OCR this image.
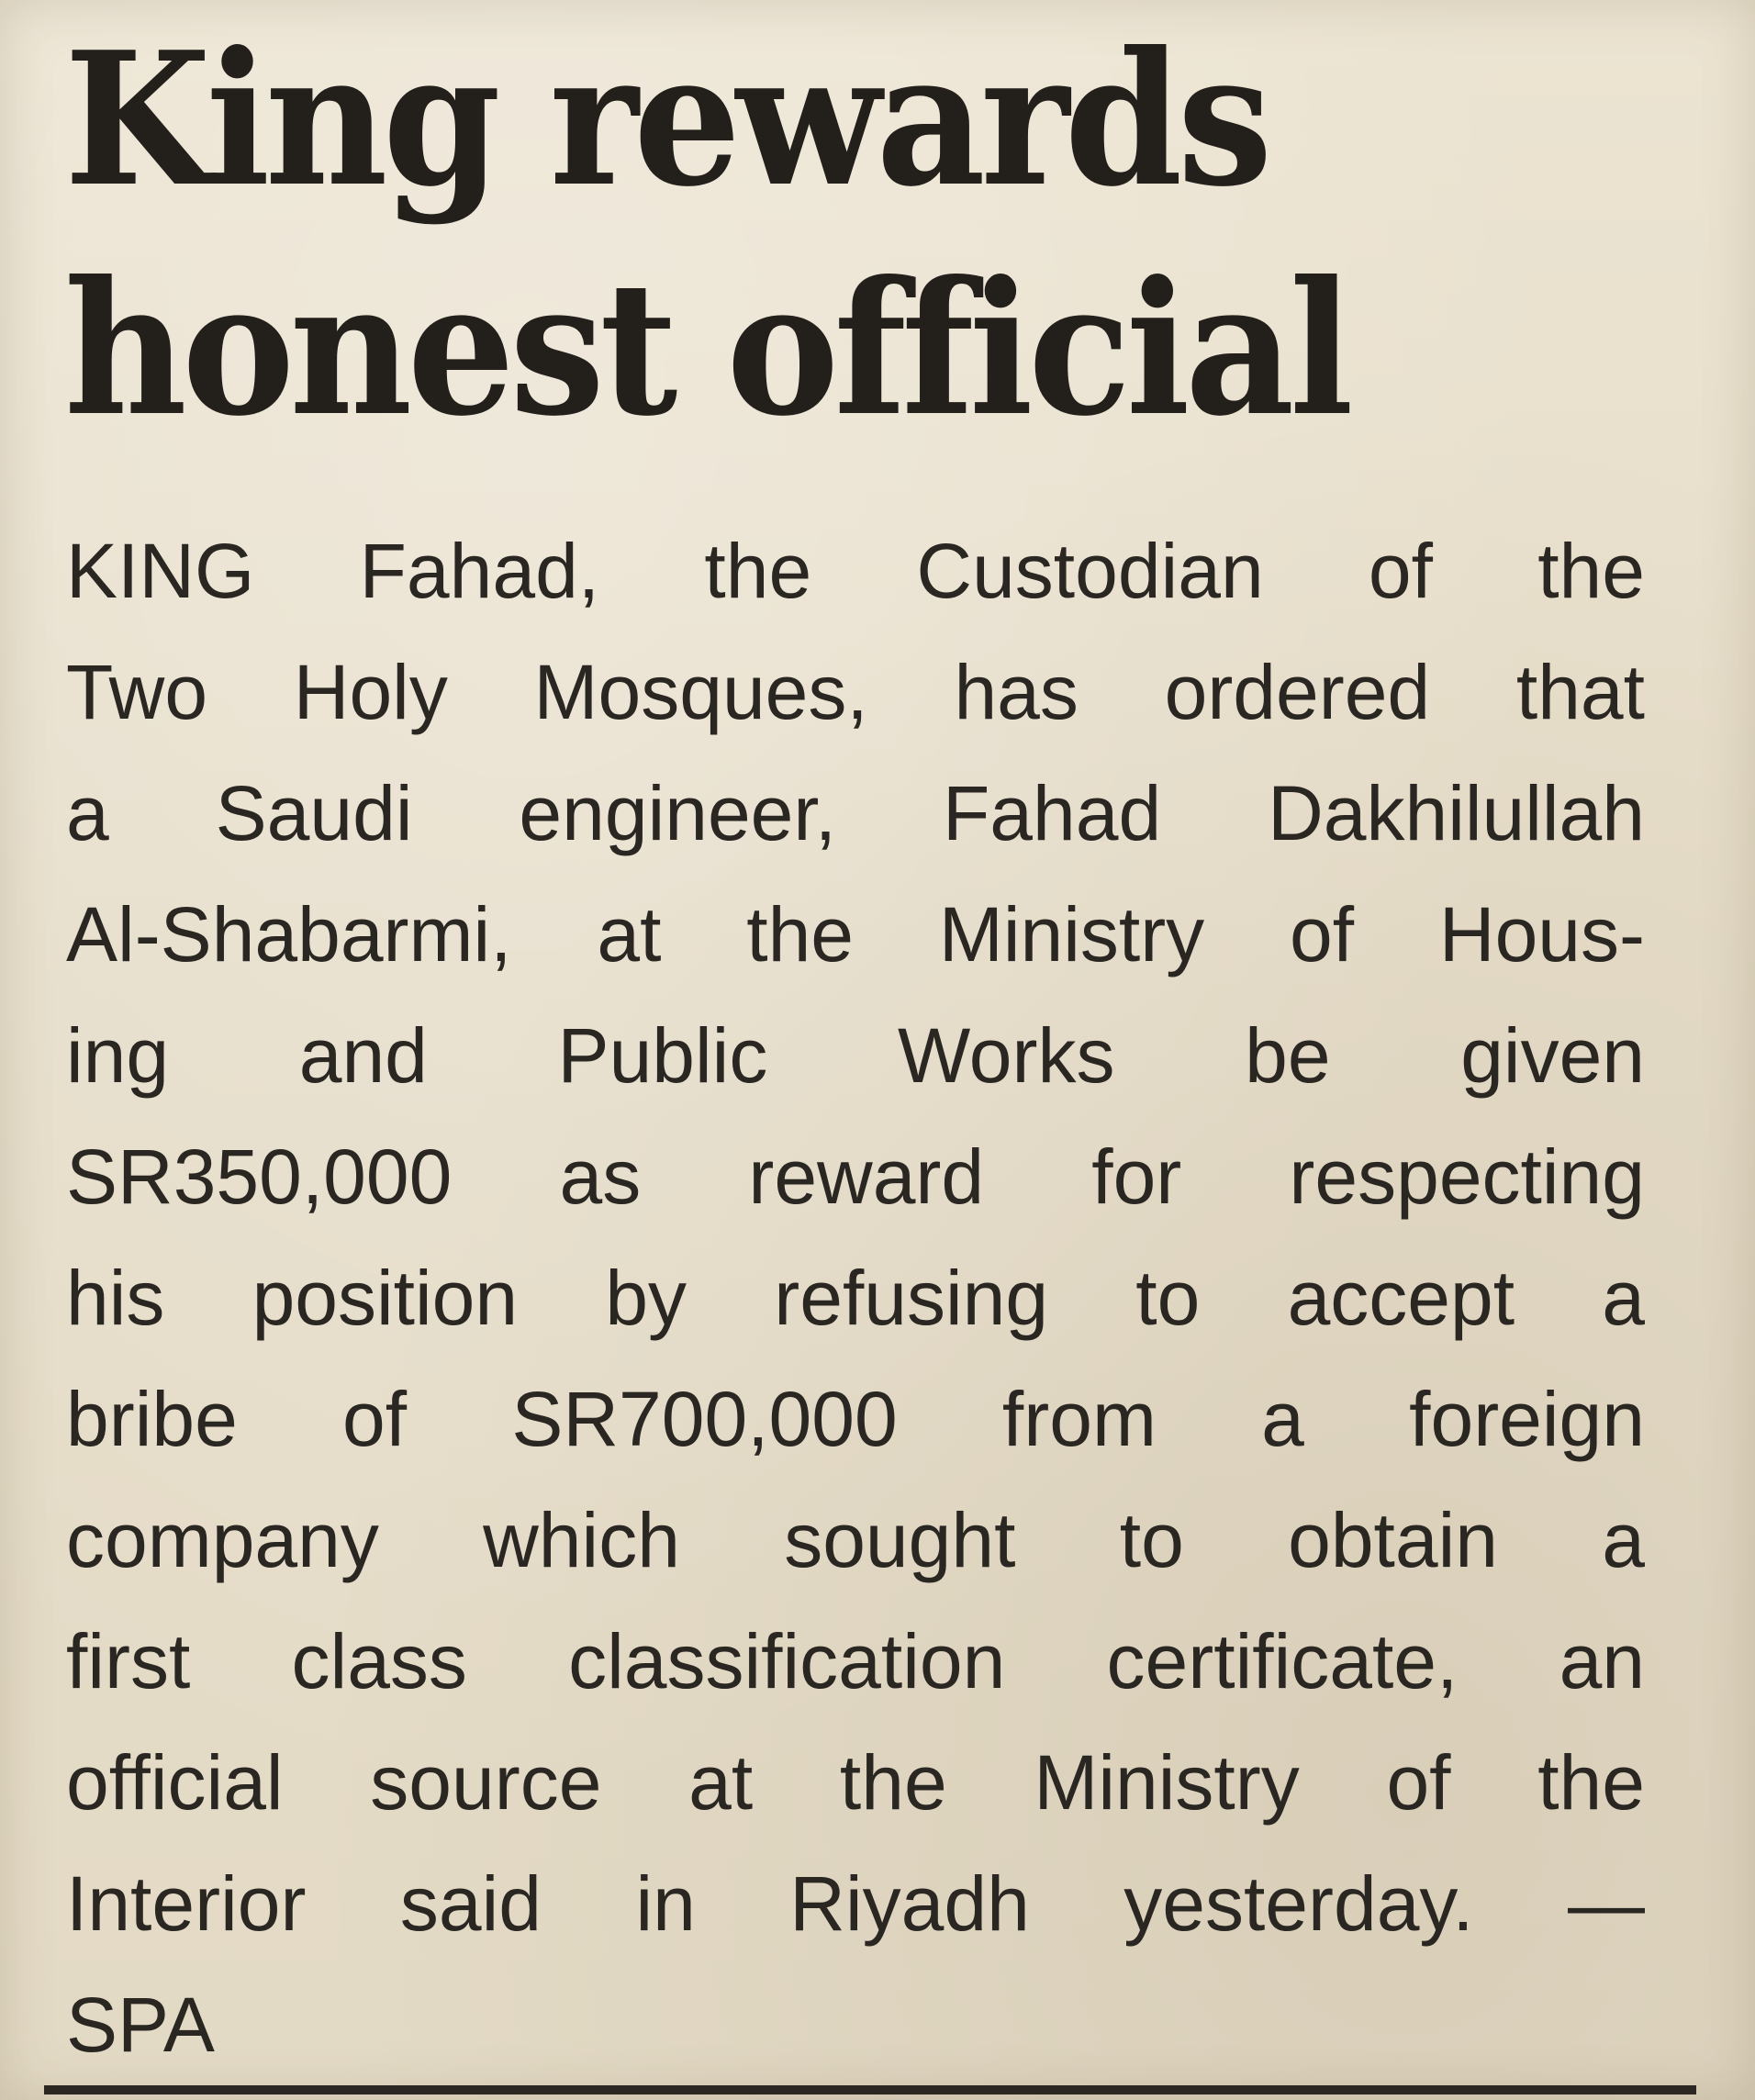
King rewards
honest official
KING Fahad, the Custodian of the
Two Holy Mosques, has ordered that
a Saudi engineer, Fahad Dakhilullah
Al-Shabarmi, at the Ministry of Hous-
ing and Public Works be given
SR350,000 as reward for respecting
his position by refusing to accept a
bribe of SR700,000 from a foreign
company which sought to obtain a
first class classification certificate, an
official source at the Ministry of the
Interior said in Riyadh yesterday. —
SPA
